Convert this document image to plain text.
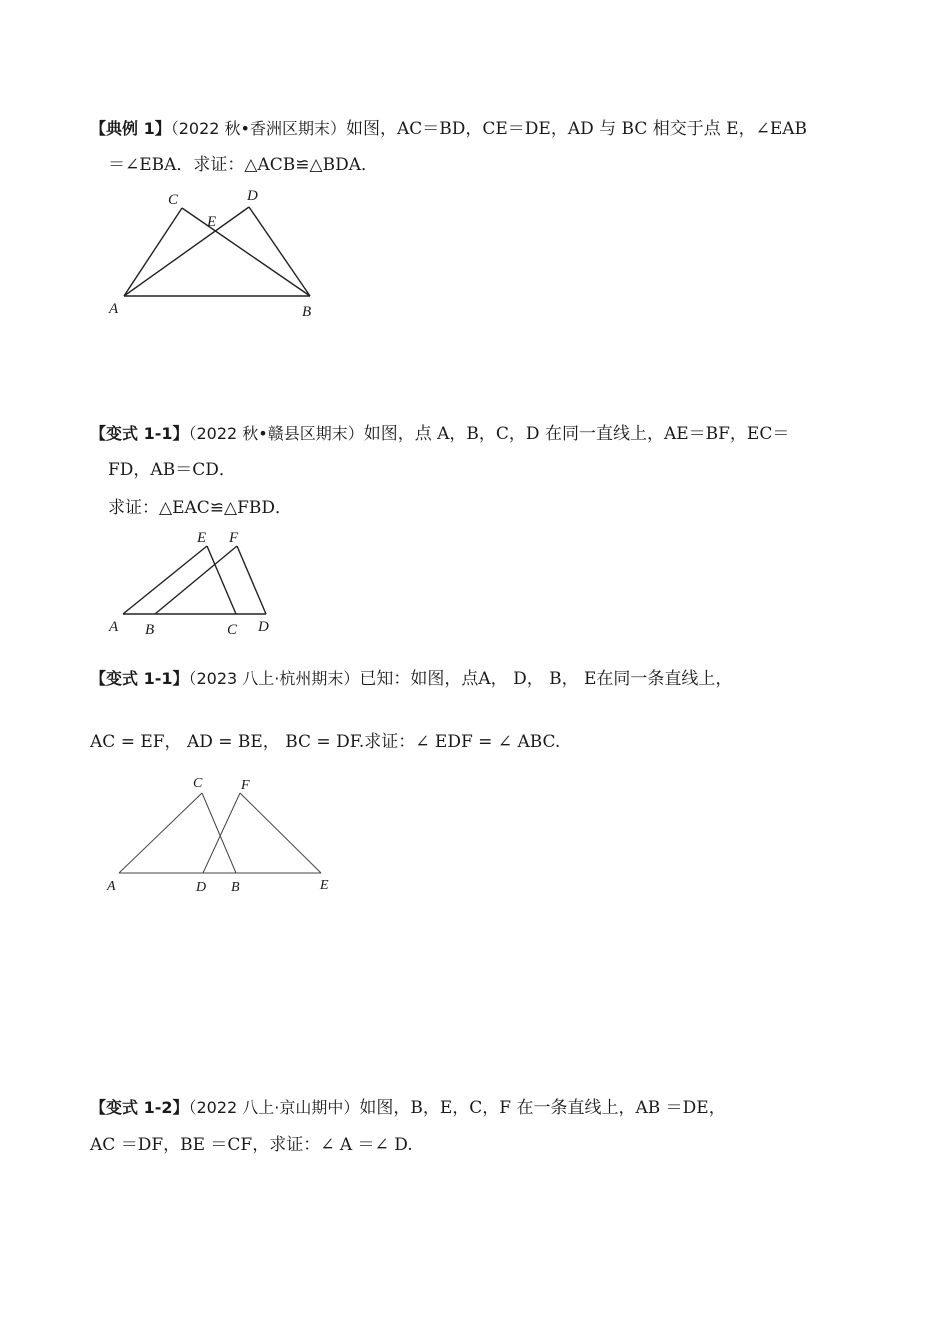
【典例 1】（2022 秋•香洲区期末）如图，AC＝BD，CE＝DE，AD 与 BC 相交于点 E，∠EAB
＝∠EBA．求证：△ACB≌△BDA．
A	B
C	D
E
【变式 1-1】（2022 秋•赣县区期末）如图，点 A，B，C，D 在同一直线上，AE＝BF，EC＝
FD，AB＝CD．
求证：△EAC≌△FBD．
A B	C D
E F
【变式 1-1】（2023 八上·杭州期末）已知：如图，点A， D， B， E在同一条直线上，
AC = EF， AD = BE， BC = DF.求证：∠ EDF = ∠ ABC.
A	D B	E
C	F
【变式 1-2】（2022 八上·京山期中）如图，B，E，C，F 在一条直线上，AB ＝DE，
AC ＝DF，BE ＝CF，求证：∠ A ＝∠ D.
